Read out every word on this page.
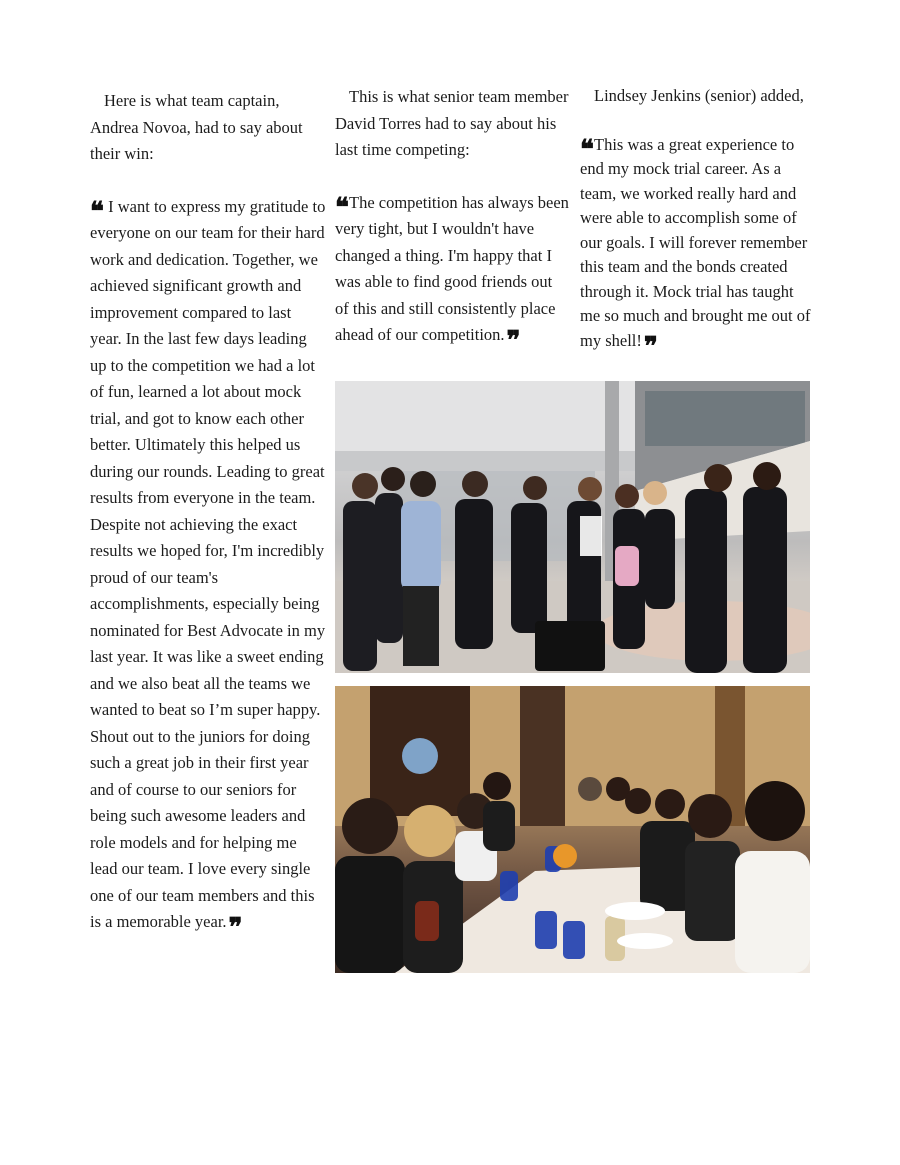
Here is what team captain, Andrea Novoa, had to say about their win:

❝ I want to express my gratitude to everyone on our team for their hard work and dedication. Together, we achieved significant growth and improvement compared to last year. In the last few days leading up to the competition we had a lot of fun, learned a lot about mock trial, and got to know each other better. Ultimately this helped us during our rounds. Leading to great results from everyone in the team. Despite not achieving the exact results we hoped for, I'm incredibly proud of our team's accomplishments, especially being nominated for Best Advocate in my last year. It was like a sweet ending and we also beat all the teams we wanted to beat so I’m super happy. Shout out to the juniors for doing such a great job in their first year and of course to our seniors for being such awesome leaders and role models and for helping me lead our team. I love every single one of our team members and this is a memorable year.❞

This is what senior team member David Torres had to say about his last time competing:

❝ The competition has always been very tight, but I wouldn't have changed a thing. I'm happy that I was able to find good friends out of this and still consistently place ahead of our competition.❞

Lindsey Jenkins (senior) added,

❝ This was a great experience to end my mock trial career. As a team, we worked really hard and were able to accomplish some of our goals. I will forever remember this team and the bonds created through it. Mock trial has taught me so much and brought me out of my shell!❞
